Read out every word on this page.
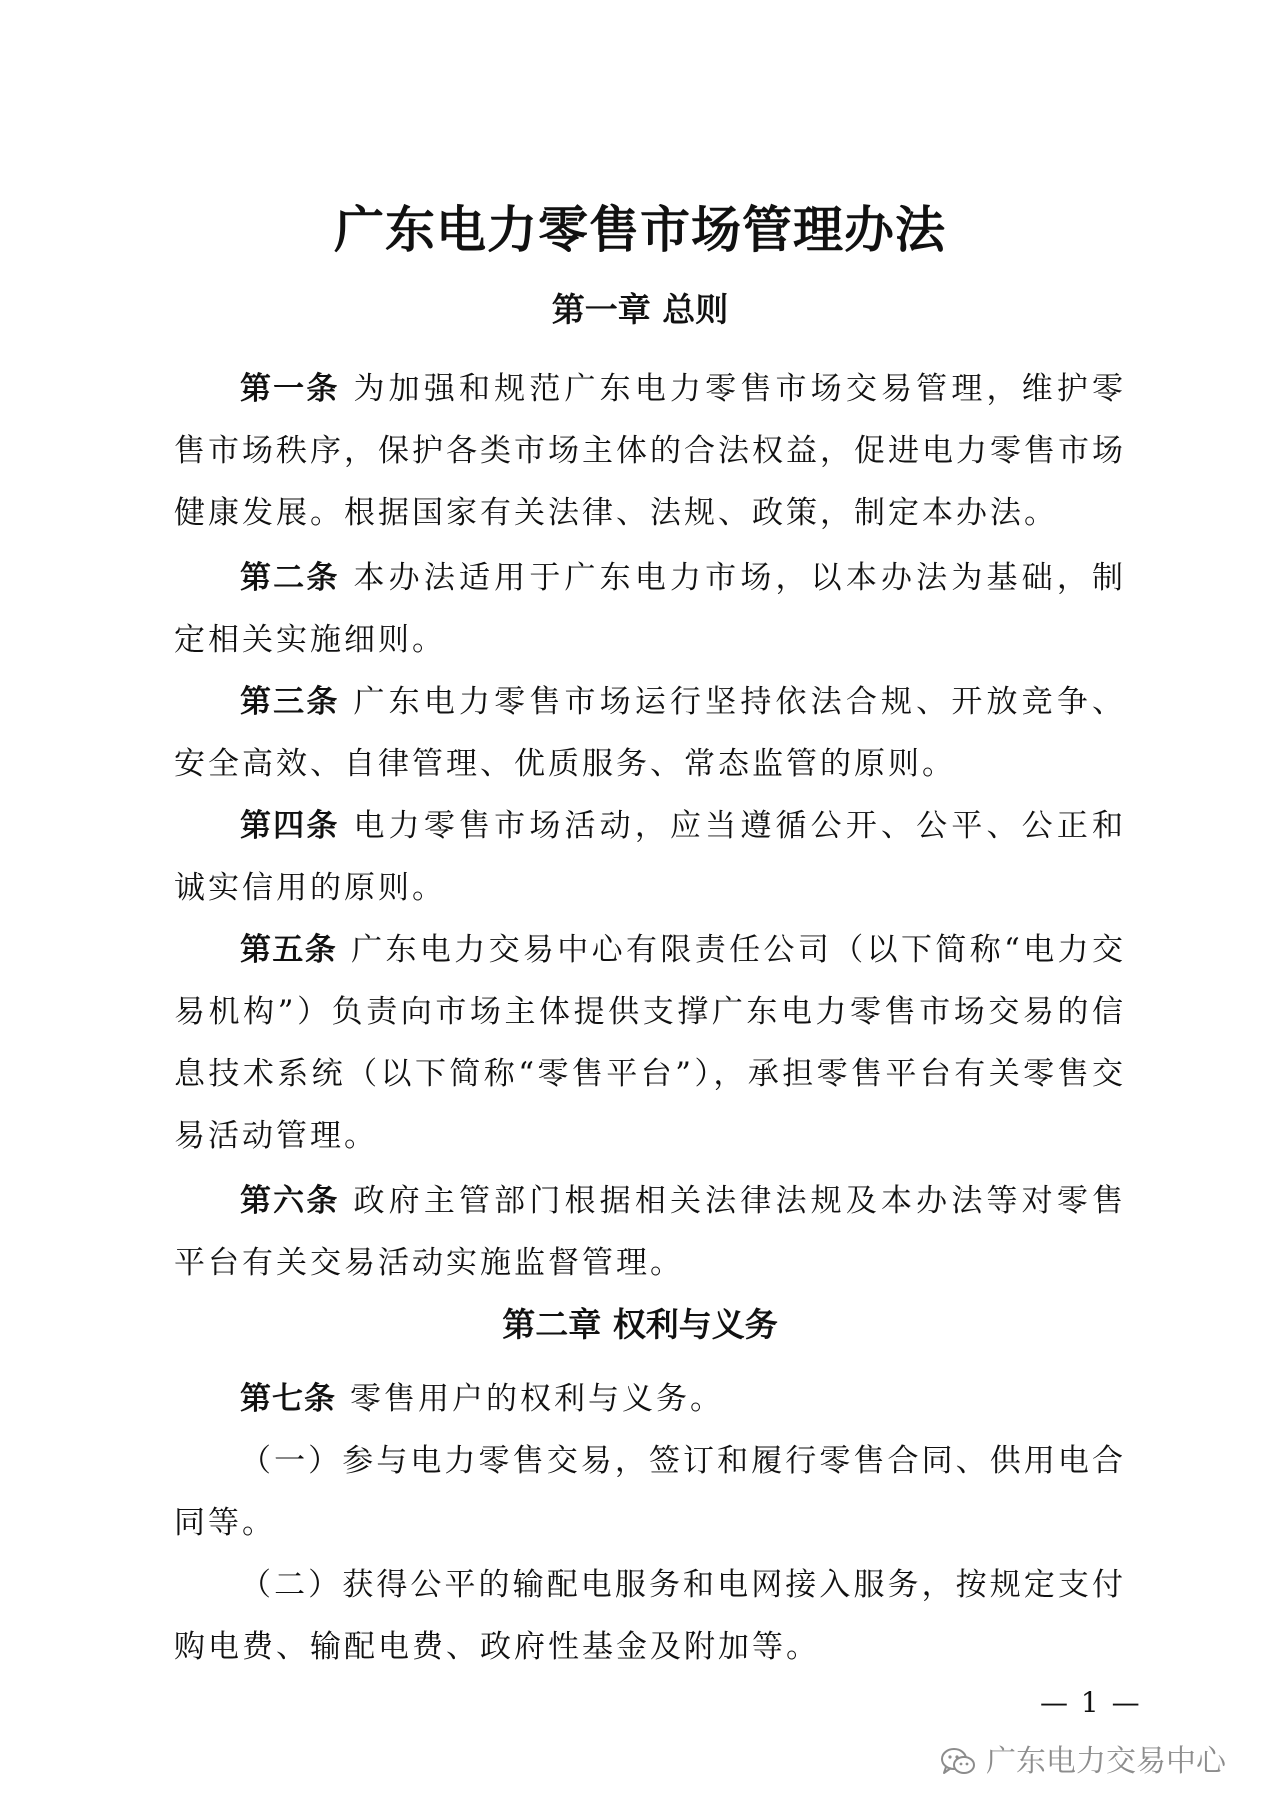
广东电力零售市场管理办法
第一章 总则

第一条 为加强和规范广东电力零售市场交易管理，维护零售市场秩序，保护各类市场主体的合法权益，促进电力零售市场健康发展。根据国家有关法律、法规、政策，制定本办法。

第二条 本办法适用于广东电力市场，以本办法为基础，制定相关实施细则。

第三条 广东电力零售市场运行坚持依法合规、开放竞争、安全高效、自律管理、优质服务、常态监管的原则。

第四条 电力零售市场活动，应当遵循公开、公平、公正和诚实信用的原则。

第五条 广东电力交易中心有限责任公司（以下简称“电力交易机构”）负责向市场主体提供支撑广东电力零售市场交易的信息技术系统（以下简称“零售平台”），承担零售平台有关零售交易活动管理。

第六条 政府主管部门根据相关法律法规及本办法等对零售平台有关交易活动实施监督管理。

第二章 权利与义务

第七条 零售用户的权利与义务。

（一）参与电力零售交易，签订和履行零售合同、供用电合同等。

（二）获得公平的输配电服务和电网接入服务，按规定支付购电费、输配电费、政府性基金及附加等。

— 1 —

广东电力交易中心
